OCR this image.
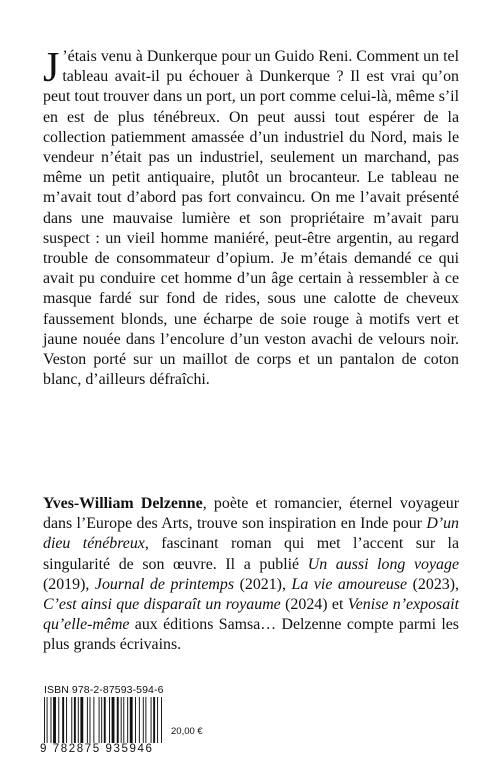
J ’étais venu à Dunkerque pour un Guido Reni. Comment un tel tableau avait-il pu échouer à Dunkerque ? Il est vrai qu’on peut tout trouver dans un port, un port comme celui-là, même s’il en est de plus ténébreux. On peut aussi tout espérer de la collection patiemment amassée d’un industriel du Nord, mais le vendeur n’était pas un industriel, seulement un marchand, pas même un petit antiquaire, plutôt un brocanteur. Le tableau ne m’avait tout d’abord pas fort convaincu. On me l’avait présenté dans une mauvaise lumière et son propriétaire m’avait paru suspect : un vieil homme maniéré, peut-être argentin, au regard trouble de consommateur d’opium. Je m’étais demandé ce qui avait pu conduire cet homme d’un âge certain à ressembler à ce masque fardé sur fond de rides, sous une calotte de cheveux faussement blonds, une écharpe de soie rouge à motifs vert et jaune nouée dans l’encolure d’un veston avachi de velours noir. Veston porté sur un maillot de corps et un pantalon de coton blanc, d’ailleurs défraîchi.

Yves-William Delzenne, poète et romancier, éternel voyageur dans l’Europe des Arts, trouve son inspiration en Inde pour D’un dieu ténébreux, fascinant roman qui met l’accent sur la singularité de son œuvre. Il a publié Un aussi long voyage (2019), Journal de printemps (2021), La vie amoureuse (2023), C’est ainsi que disparaît un royaume (2024) et Venise n’exposait qu’elle-même aux éditions Samsa… Delzenne compte parmi les plus grands écrivains.

ISBN 978-2-87593-594-6
9 782875 935946
20,00 €
